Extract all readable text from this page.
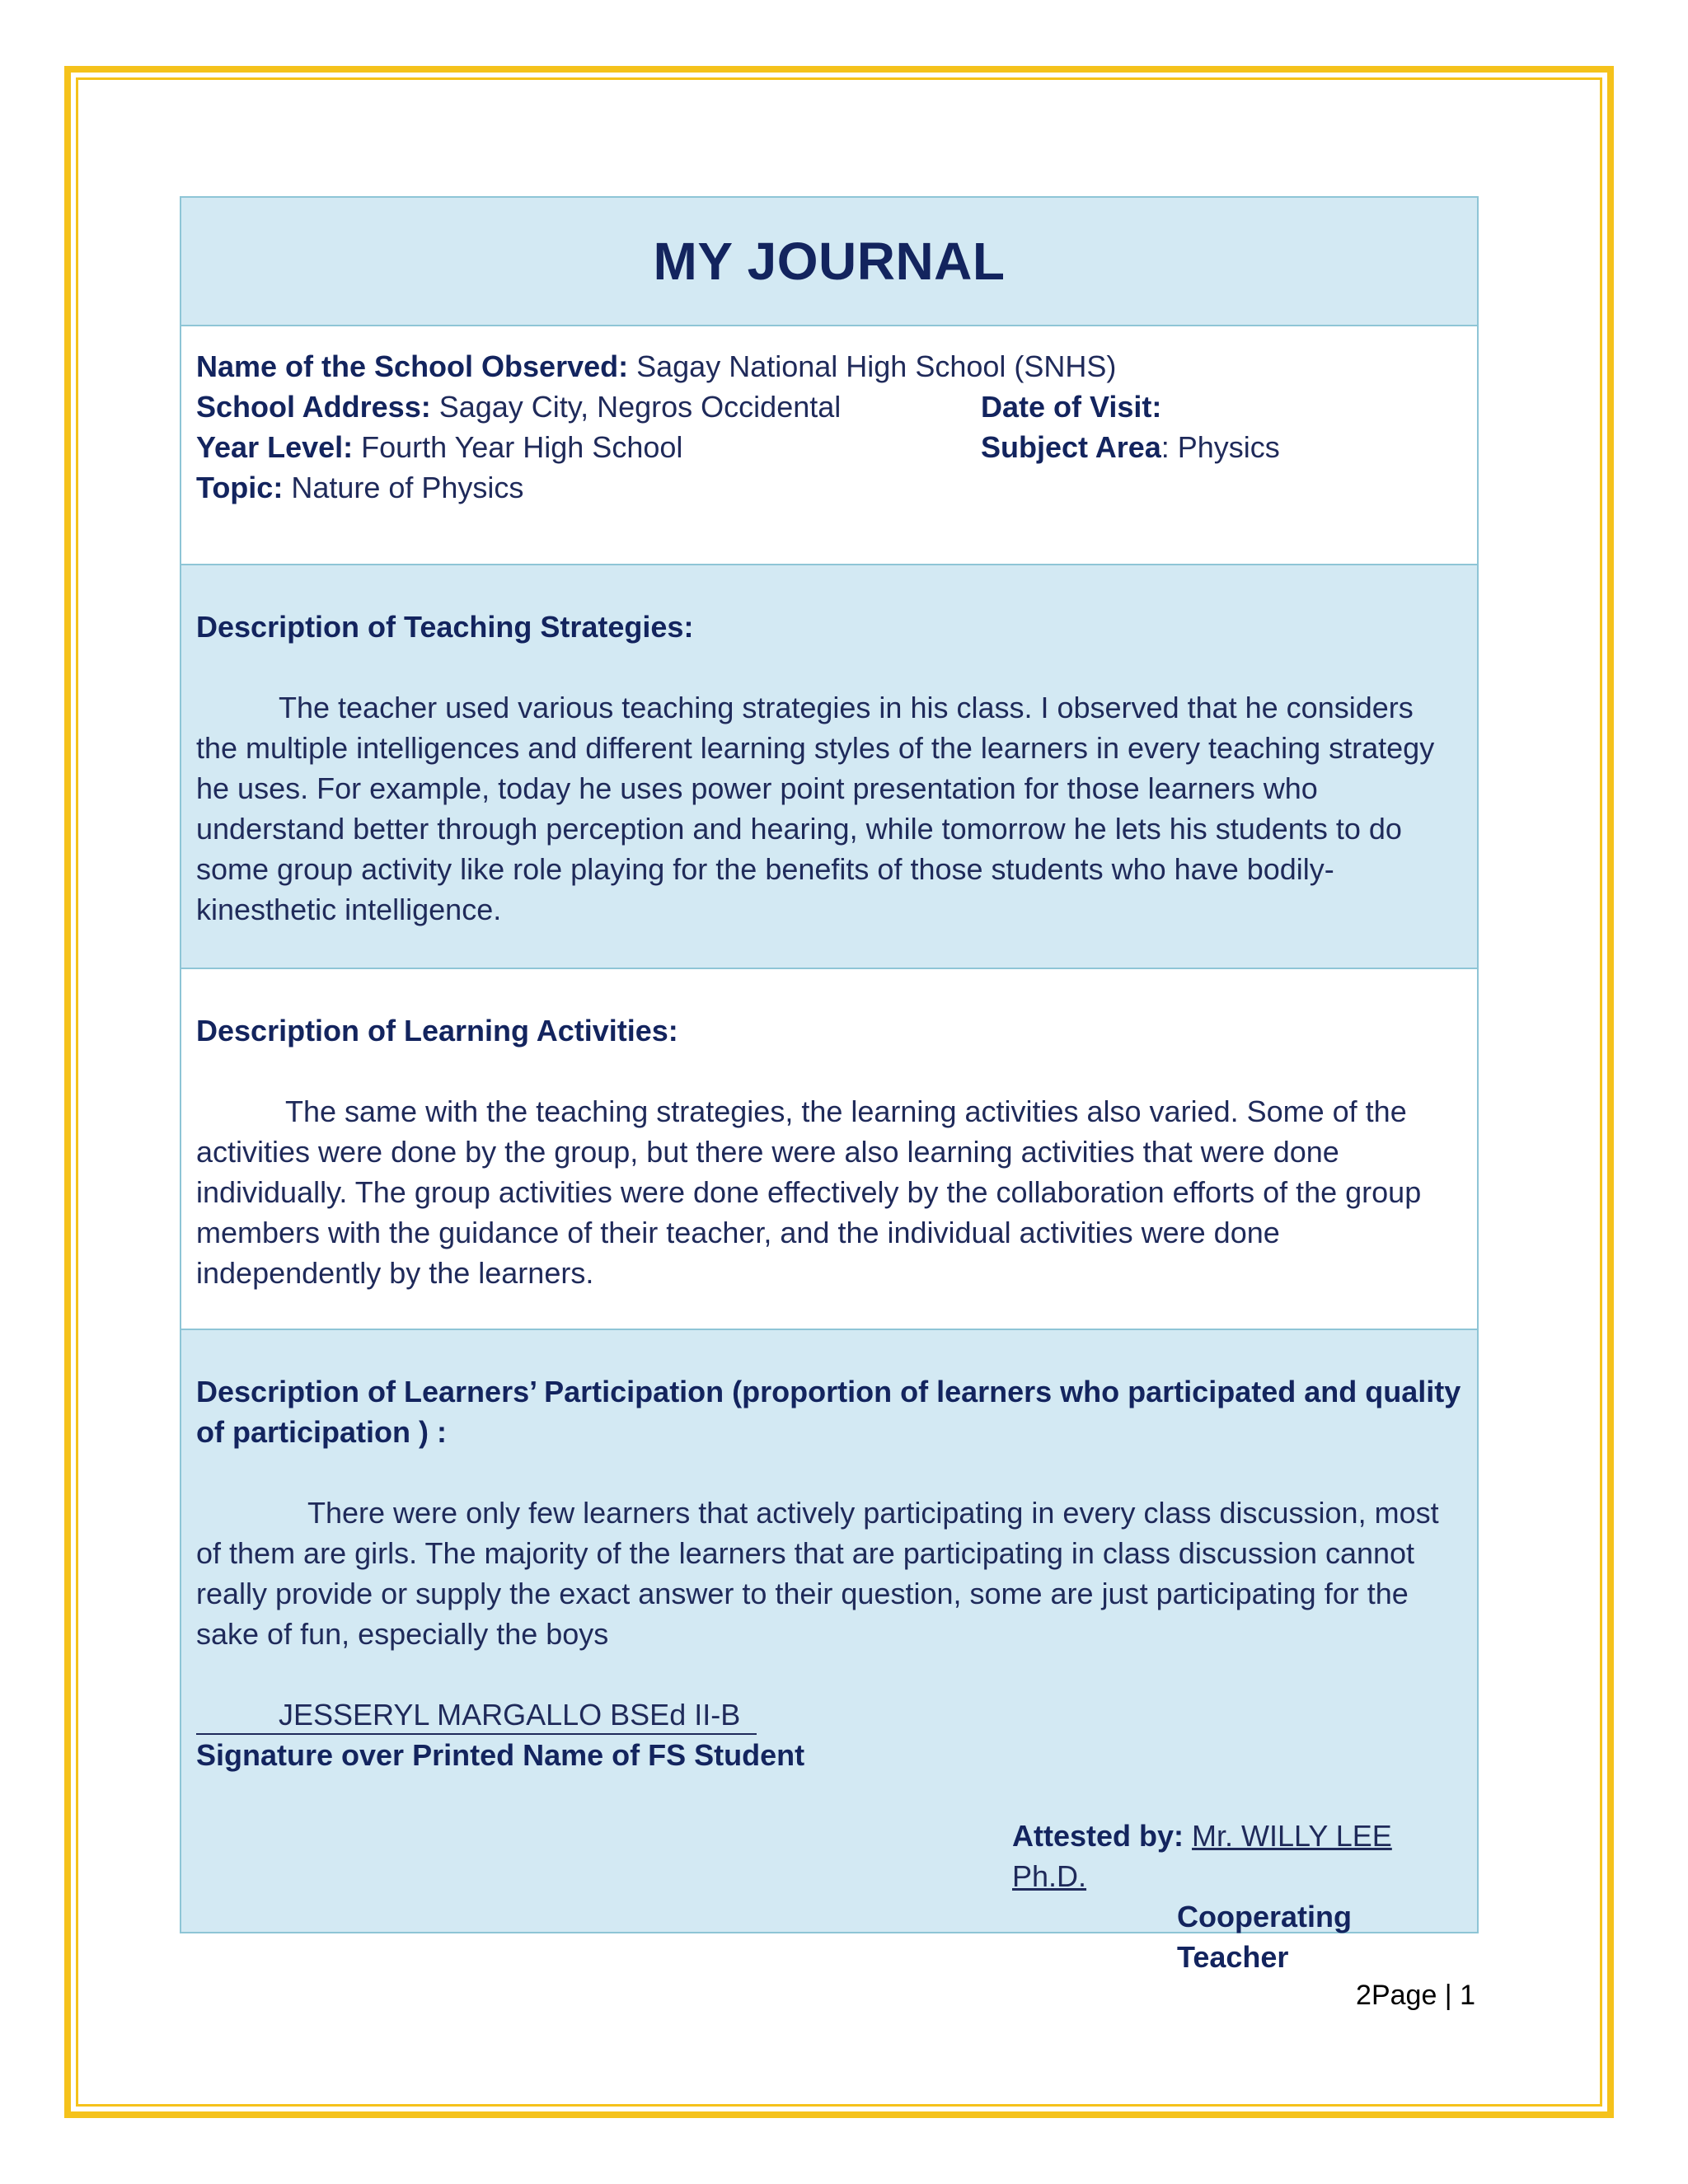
MY JOURNAL
Name of the School Observed: Sagay National High School (SNHS)
School Address: Sagay City, Negros Occidental	Date of Visit:
Year Level: Fourth Year High School	Subject Area: Physics
Topic: Nature of Physics
Description of Teaching Strategies:
The teacher used various teaching strategies in his class. I observed that he considers the multiple intelligences and different learning styles of the learners in every teaching strategy he uses. For example, today he uses power point presentation for those learners who understand better through perception and hearing, while tomorrow he lets his students to do some group activity like role playing for the benefits of those students who have bodily-kinesthetic intelligence.
Description of Learning Activities:
The same with the teaching strategies, the learning activities also varied. Some of the activities were done by the group, but there were also learning activities that were done individually. The group activities were done effectively by the collaboration efforts of the group members with the guidance of their teacher, and the individual activities were done independently by the learners.
Description of Learners’ Participation (proportion of learners who participated and quality of participation ) :
There were only few learners that actively participating in every class discussion, most of them are girls. The majority of the learners that are participating in class discussion cannot really provide or supply the exact answer to their question, some are just participating for the sake of fun, especially the boys
JESSERYL MARGALLO BSEd II-B
Signature over Printed Name of FS Student
Attested by: Mr. WILLY LEE Ph.D.
Cooperating Teacher
2Page | 1
